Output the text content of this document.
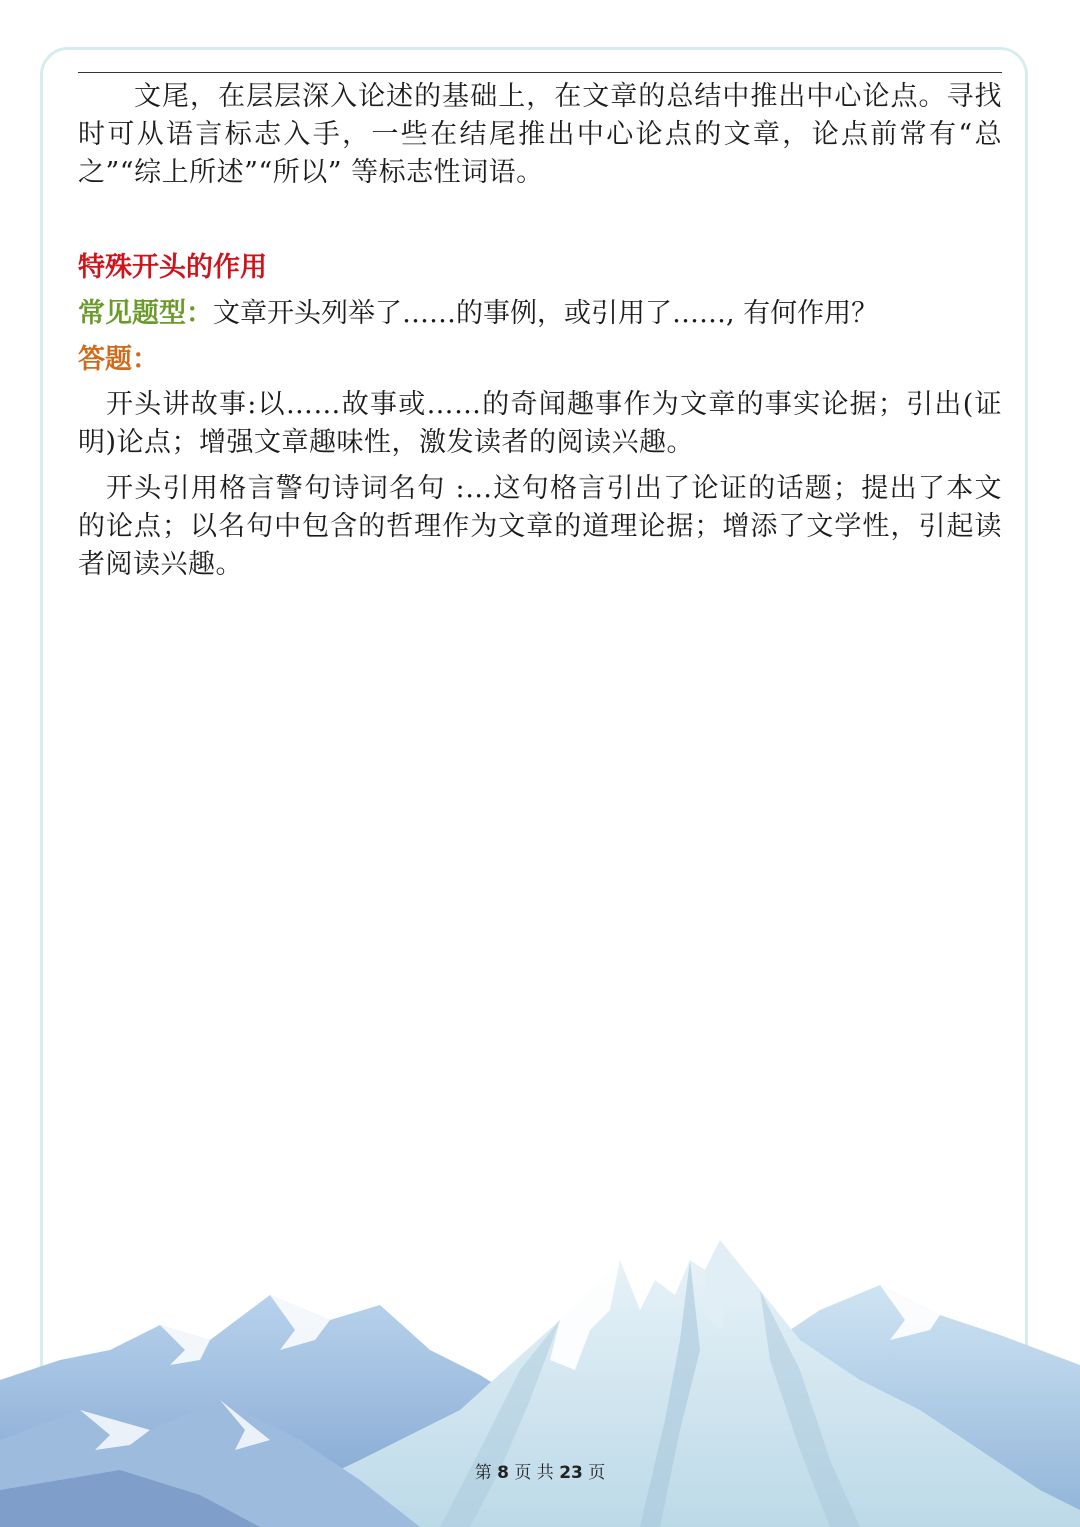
文尾，在层层深入论述的基础上，在文章的总结中推出中心论点。寻找时可从语言标志入手，一些在结尾推出中心论点的文章，论点前常有“总之”“综上所述”“所以” 等标志性词语。

特殊开头的作用

常见题型：文章开头列举了……的事例，或引用了……, 有何作用？

答题：

开头讲故事:以……故事或……的奇闻趣事作为文章的事实论据；引出(证明)论点；增强文章趣味性，激发读者的阅读兴趣。

开头引用格言警句诗词名句 :…这句格言引出了论证的话题；提出了本文的论点；以名句中包含的哲理作为文章的道理论据；增添了文学性，引起读者阅读兴趣。

第 8 页 共 23 页
